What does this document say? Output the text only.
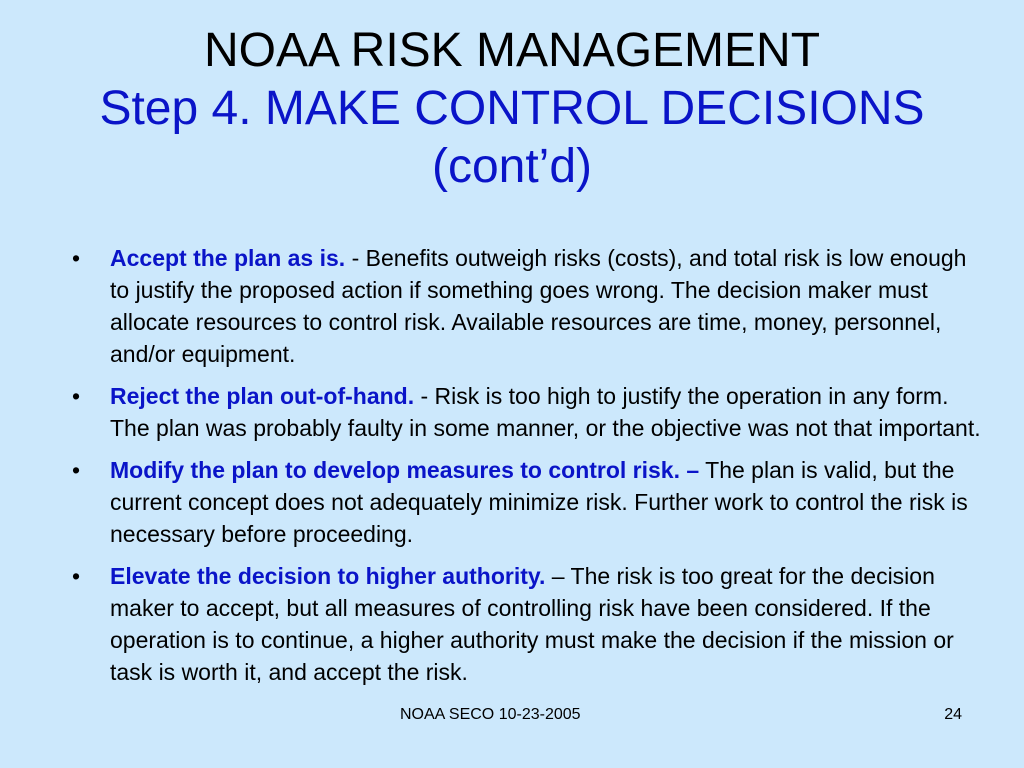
NOAA RISK MANAGEMENT
Step 4. MAKE CONTROL DECISIONS (cont’d)
• Accept the plan as is. - Benefits outweigh risks (costs), and total risk is low enough to justify the proposed action if something goes wrong. The decision maker must allocate resources to control risk. Available resources are time, money, personnel, and/or equipment.
• Reject the plan out-of-hand. - Risk is too high to justify the operation in any form. The plan was probably faulty in some manner, or the objective was not that important.
• Modify the plan to develop measures to control risk. – The plan is valid, but the current concept does not adequately minimize risk. Further work to control the risk is necessary before proceeding.
• Elevate the decision to higher authority. – The risk is too great for the decision maker to accept, but all measures of controlling risk have been considered. If the operation is to continue, a higher authority must make the decision if the mission or task is worth it, and accept the risk.
NOAA SECO 10-23-2005	24
